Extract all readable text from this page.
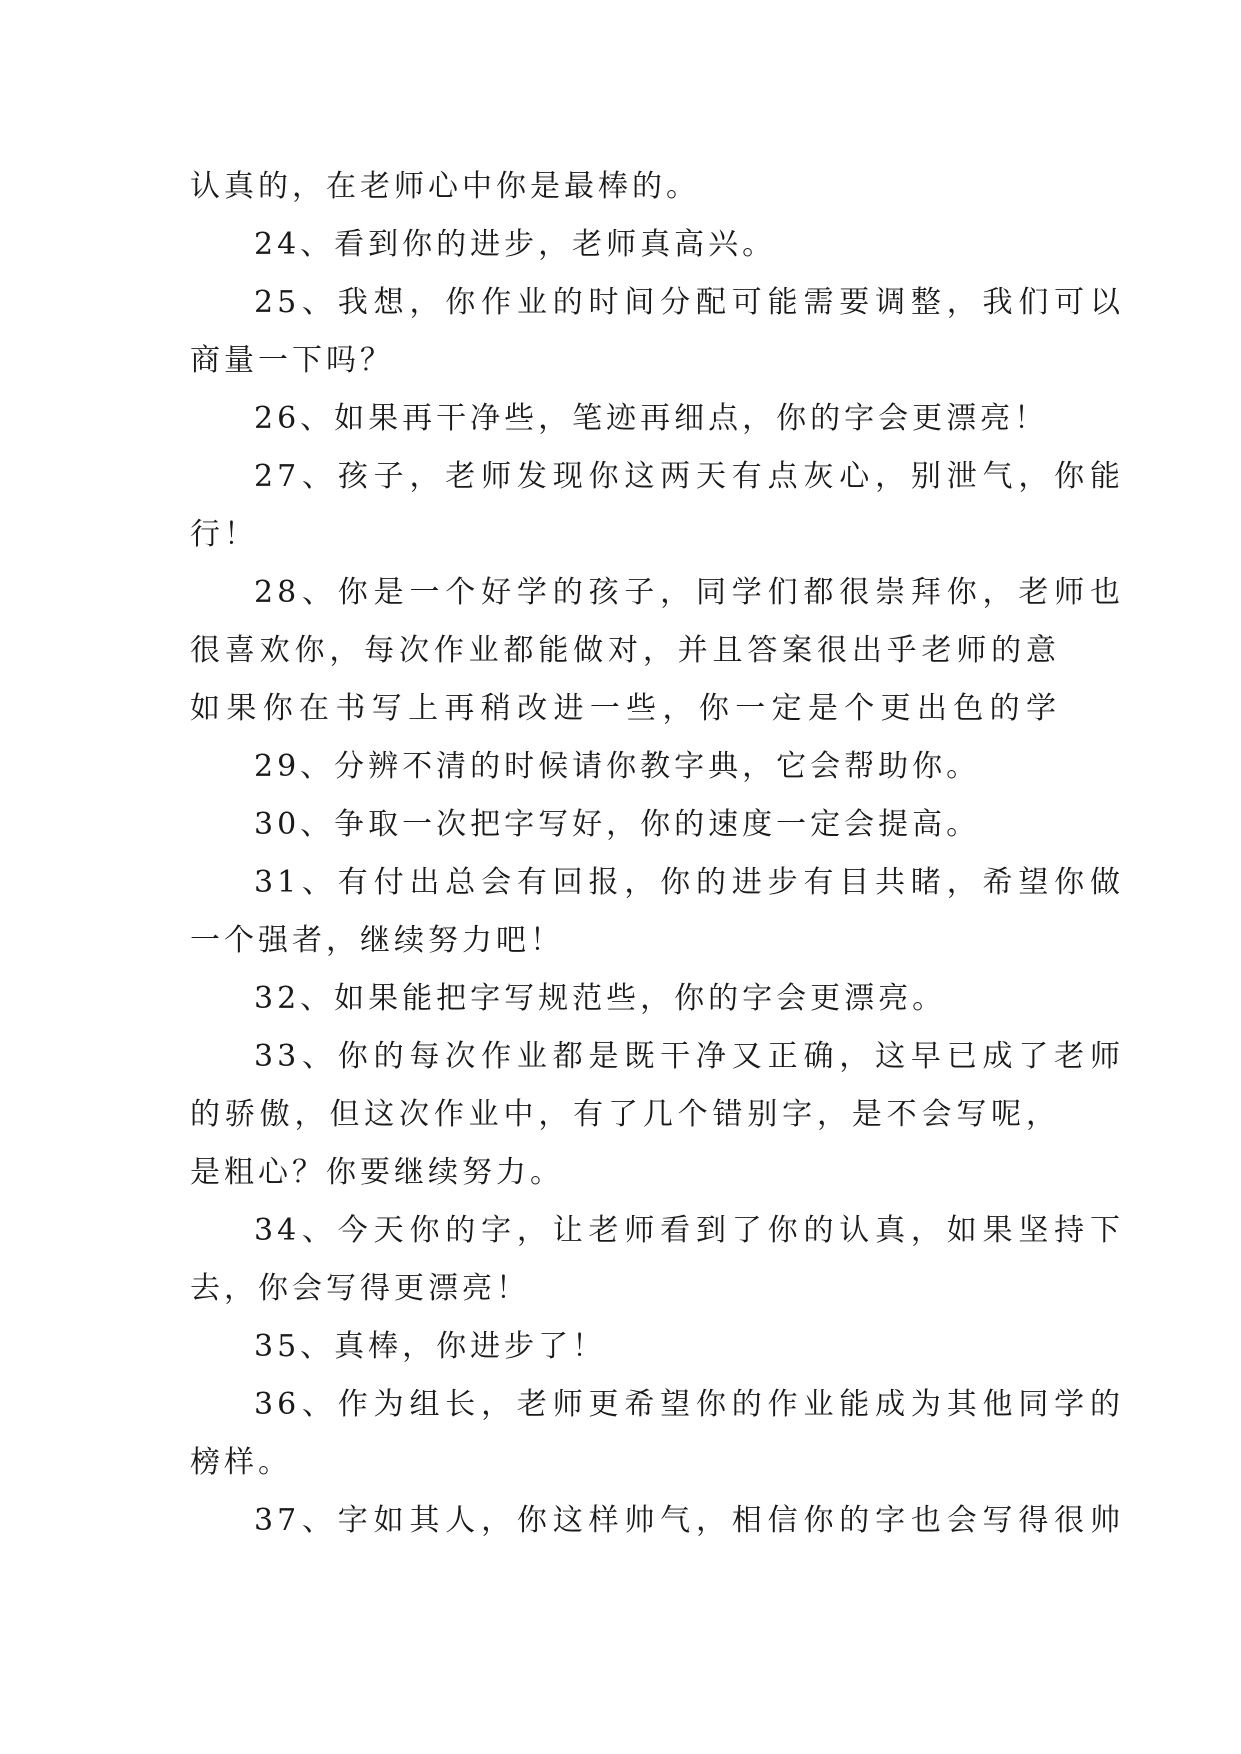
认真的，在老师心中你是最棒的。
24、看到你的进步，老师真高兴。
25、我想，你作业的时间分配可能需要调整，我们可以
商量一下吗？
26、如果再干净些，笔迹再细点，你的字会更漂亮！
27、孩子，老师发现你这两天有点灰心，别泄气，你能
行！
28、你是一个好学的孩子，同学们都很崇拜你，老师也
很喜欢你，每次作业都能做对，并且答案很出乎老师的意
如果你在书写上再稍改进一些，你一定是个更出色的学
29、分辨不清的时候请你教字典，它会帮助你。
30、争取一次把字写好，你的速度一定会提高。
31、有付出总会有回报，你的进步有目共睹，希望你做
一个强者，继续努力吧！
32、如果能把字写规范些，你的字会更漂亮。
33、你的每次作业都是既干净又正确，这早已成了老师
的骄傲，但这次作业中，有了几个错别字，是不会写呢，
是粗心？你要继续努力。
34、今天你的字，让老师看到了你的认真，如果坚持下
去，你会写得更漂亮！
35、真棒，你进步了！
36、作为组长，老师更希望你的作业能成为其他同学的
榜样。
37、字如其人，你这样帅气，相信你的字也会写得很帅
